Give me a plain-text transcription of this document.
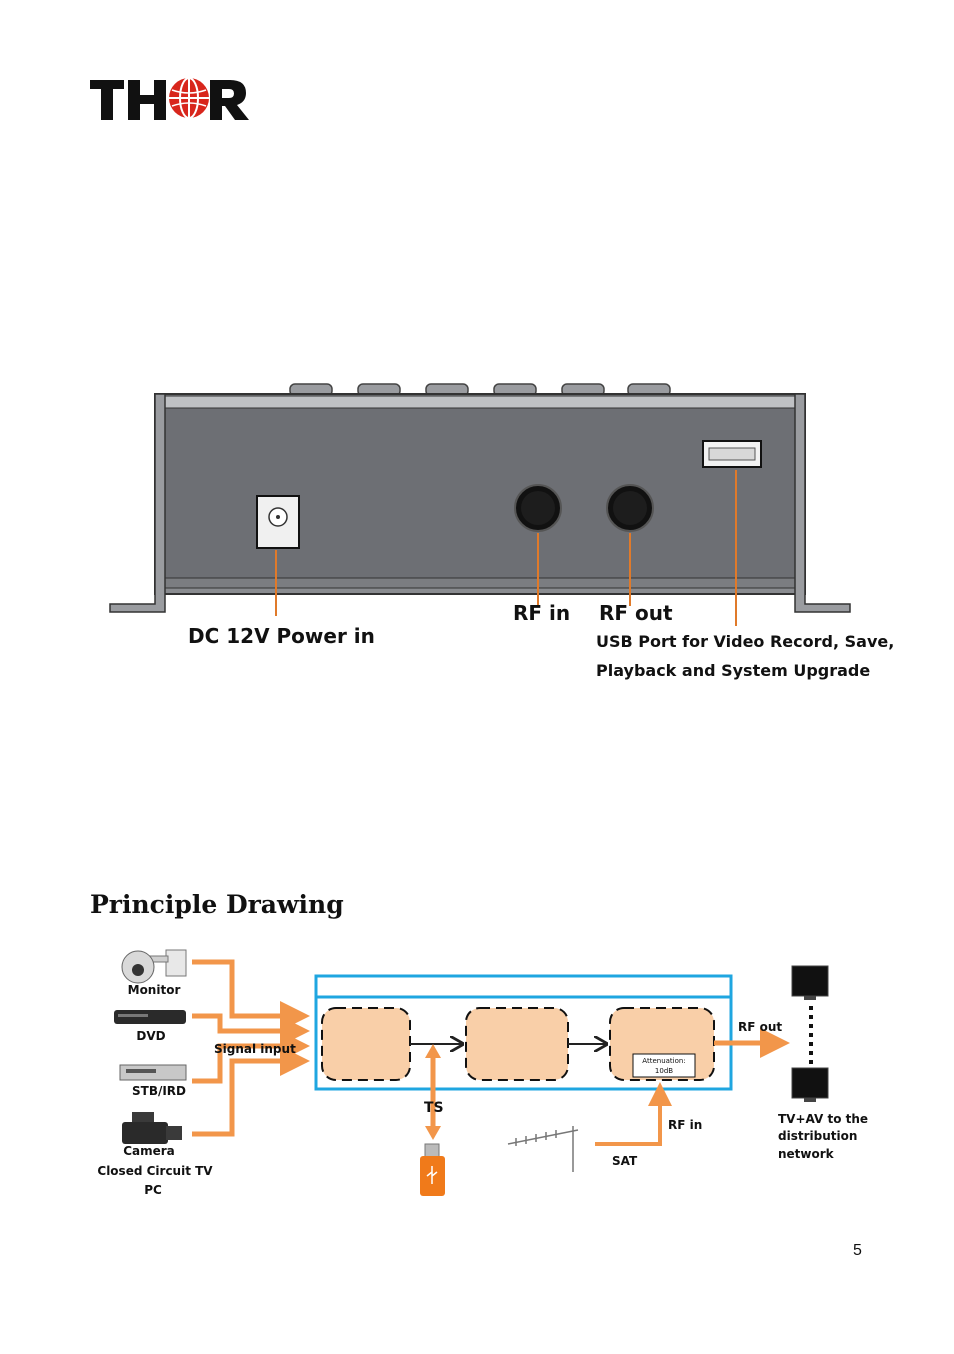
DC 12V Power in
RF in RF out
USB Port for Video Record, Save,
Playback and System Upgrade
Principle Drawing
Monitor
DVD
STB/IRD
Camera
Closed Circuit TV
PC
Signal input
Attenuation:
10dB
TS
RF in
SAT
RF out
TV+AV to the
distribution
network
5
